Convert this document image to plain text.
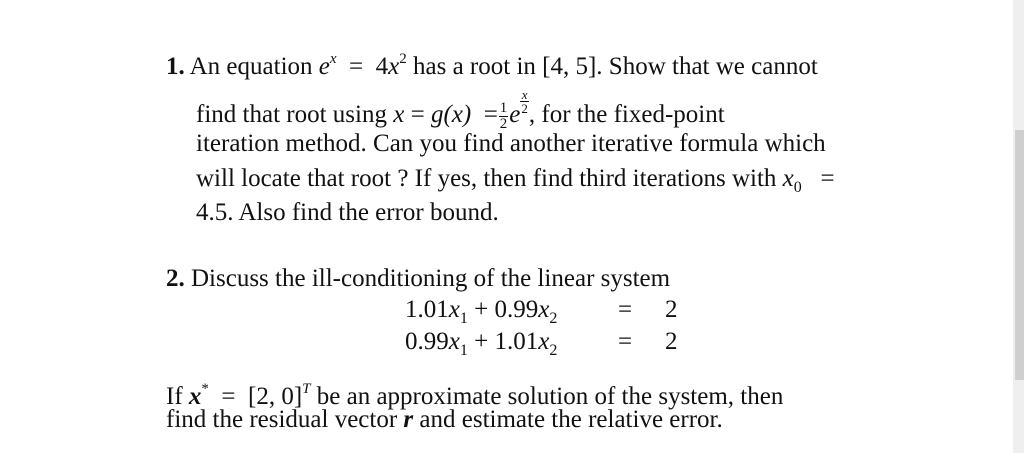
1. An equation $e^x = 4x^2$ has a root in [4, 5]. Show that we cannot
find that root using $x = g(x) = \frac{1}{2}$ e $\frac{x}{2}$ , for the fixed-point
iteration method. Can you find another iterative formula which
will locate that root ? If yes, then find third iterations with $x_0$ =
4.5. Also find the error bound.
2. Discuss the ill-conditioning of the linear system
$1.01x_1 + 0.99x_2 = 2$
$0.99x_1 + 1.01x_2 = 2$
If x* = [2, 0]$^T$ be an approximate solution of the system, then
find the residual vector r and estimate the relative error.
